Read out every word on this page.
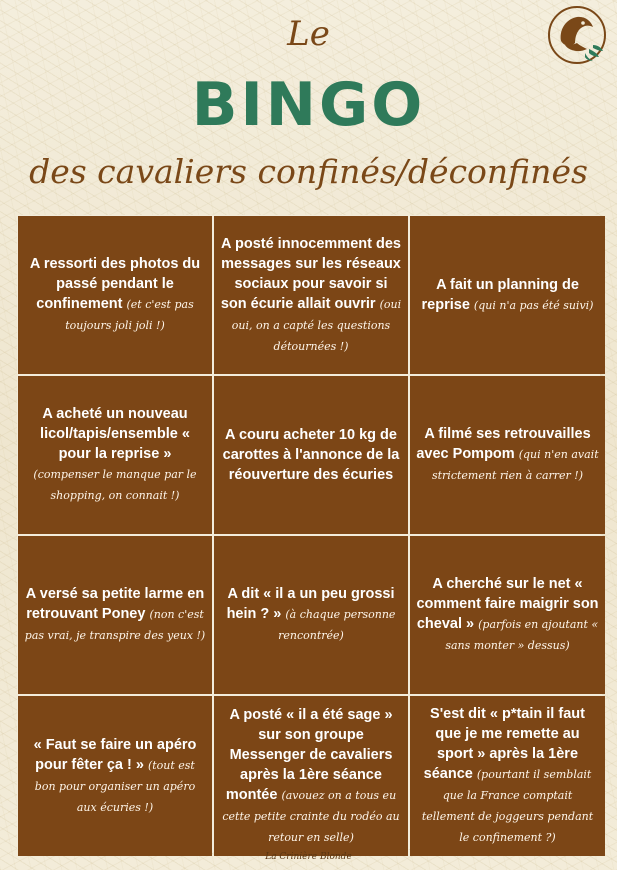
Le
BINGO
des cavaliers confinés/déconfinés
A ressorti des photos du passé pendant le confinement (et c'est pas toujours joli joli !)
A posté innocemment des messages sur les réseaux sociaux pour savoir si son écurie allait ouvrir (oui oui, on a capté les questions détournées !)
A fait un planning de reprise (qui n'a pas été suivi)
A acheté un nouveau licol/tapis/ensemble « pour la reprise » (compenser le manque par le shopping, on connait !)
A couru acheter 10 kg de carottes à l'annonce de la réouverture des écuries
A filmé ses retrouvailles avec Pompom (qui n'en avait strictement rien à carrer !)
A versé sa petite larme en retrouvant Poney (non c'est pas vrai, je transpire des yeux !)
A dit « il a un peu grossi hein ? » (à chaque personne rencontrée)
A cherché sur le net « comment faire maigrir son cheval » (parfois en ajoutant « sans monter » dessus)
« Faut se faire un apéro pour fêter ça ! » (tout est bon pour organiser un apéro aux écuries !)
A posté « il a été sage » sur son groupe Messenger de cavaliers après la 1ère séance montée (avouez on a tous eu cette petite crainte du rodéo au retour en selle)
S'est dit « p*tain il faut que je me remette au sport » après la 1ère séance (pourtant il semblait que la France comptait tellement de joggeurs pendant le confinement ?)
La Crinière Blonde
